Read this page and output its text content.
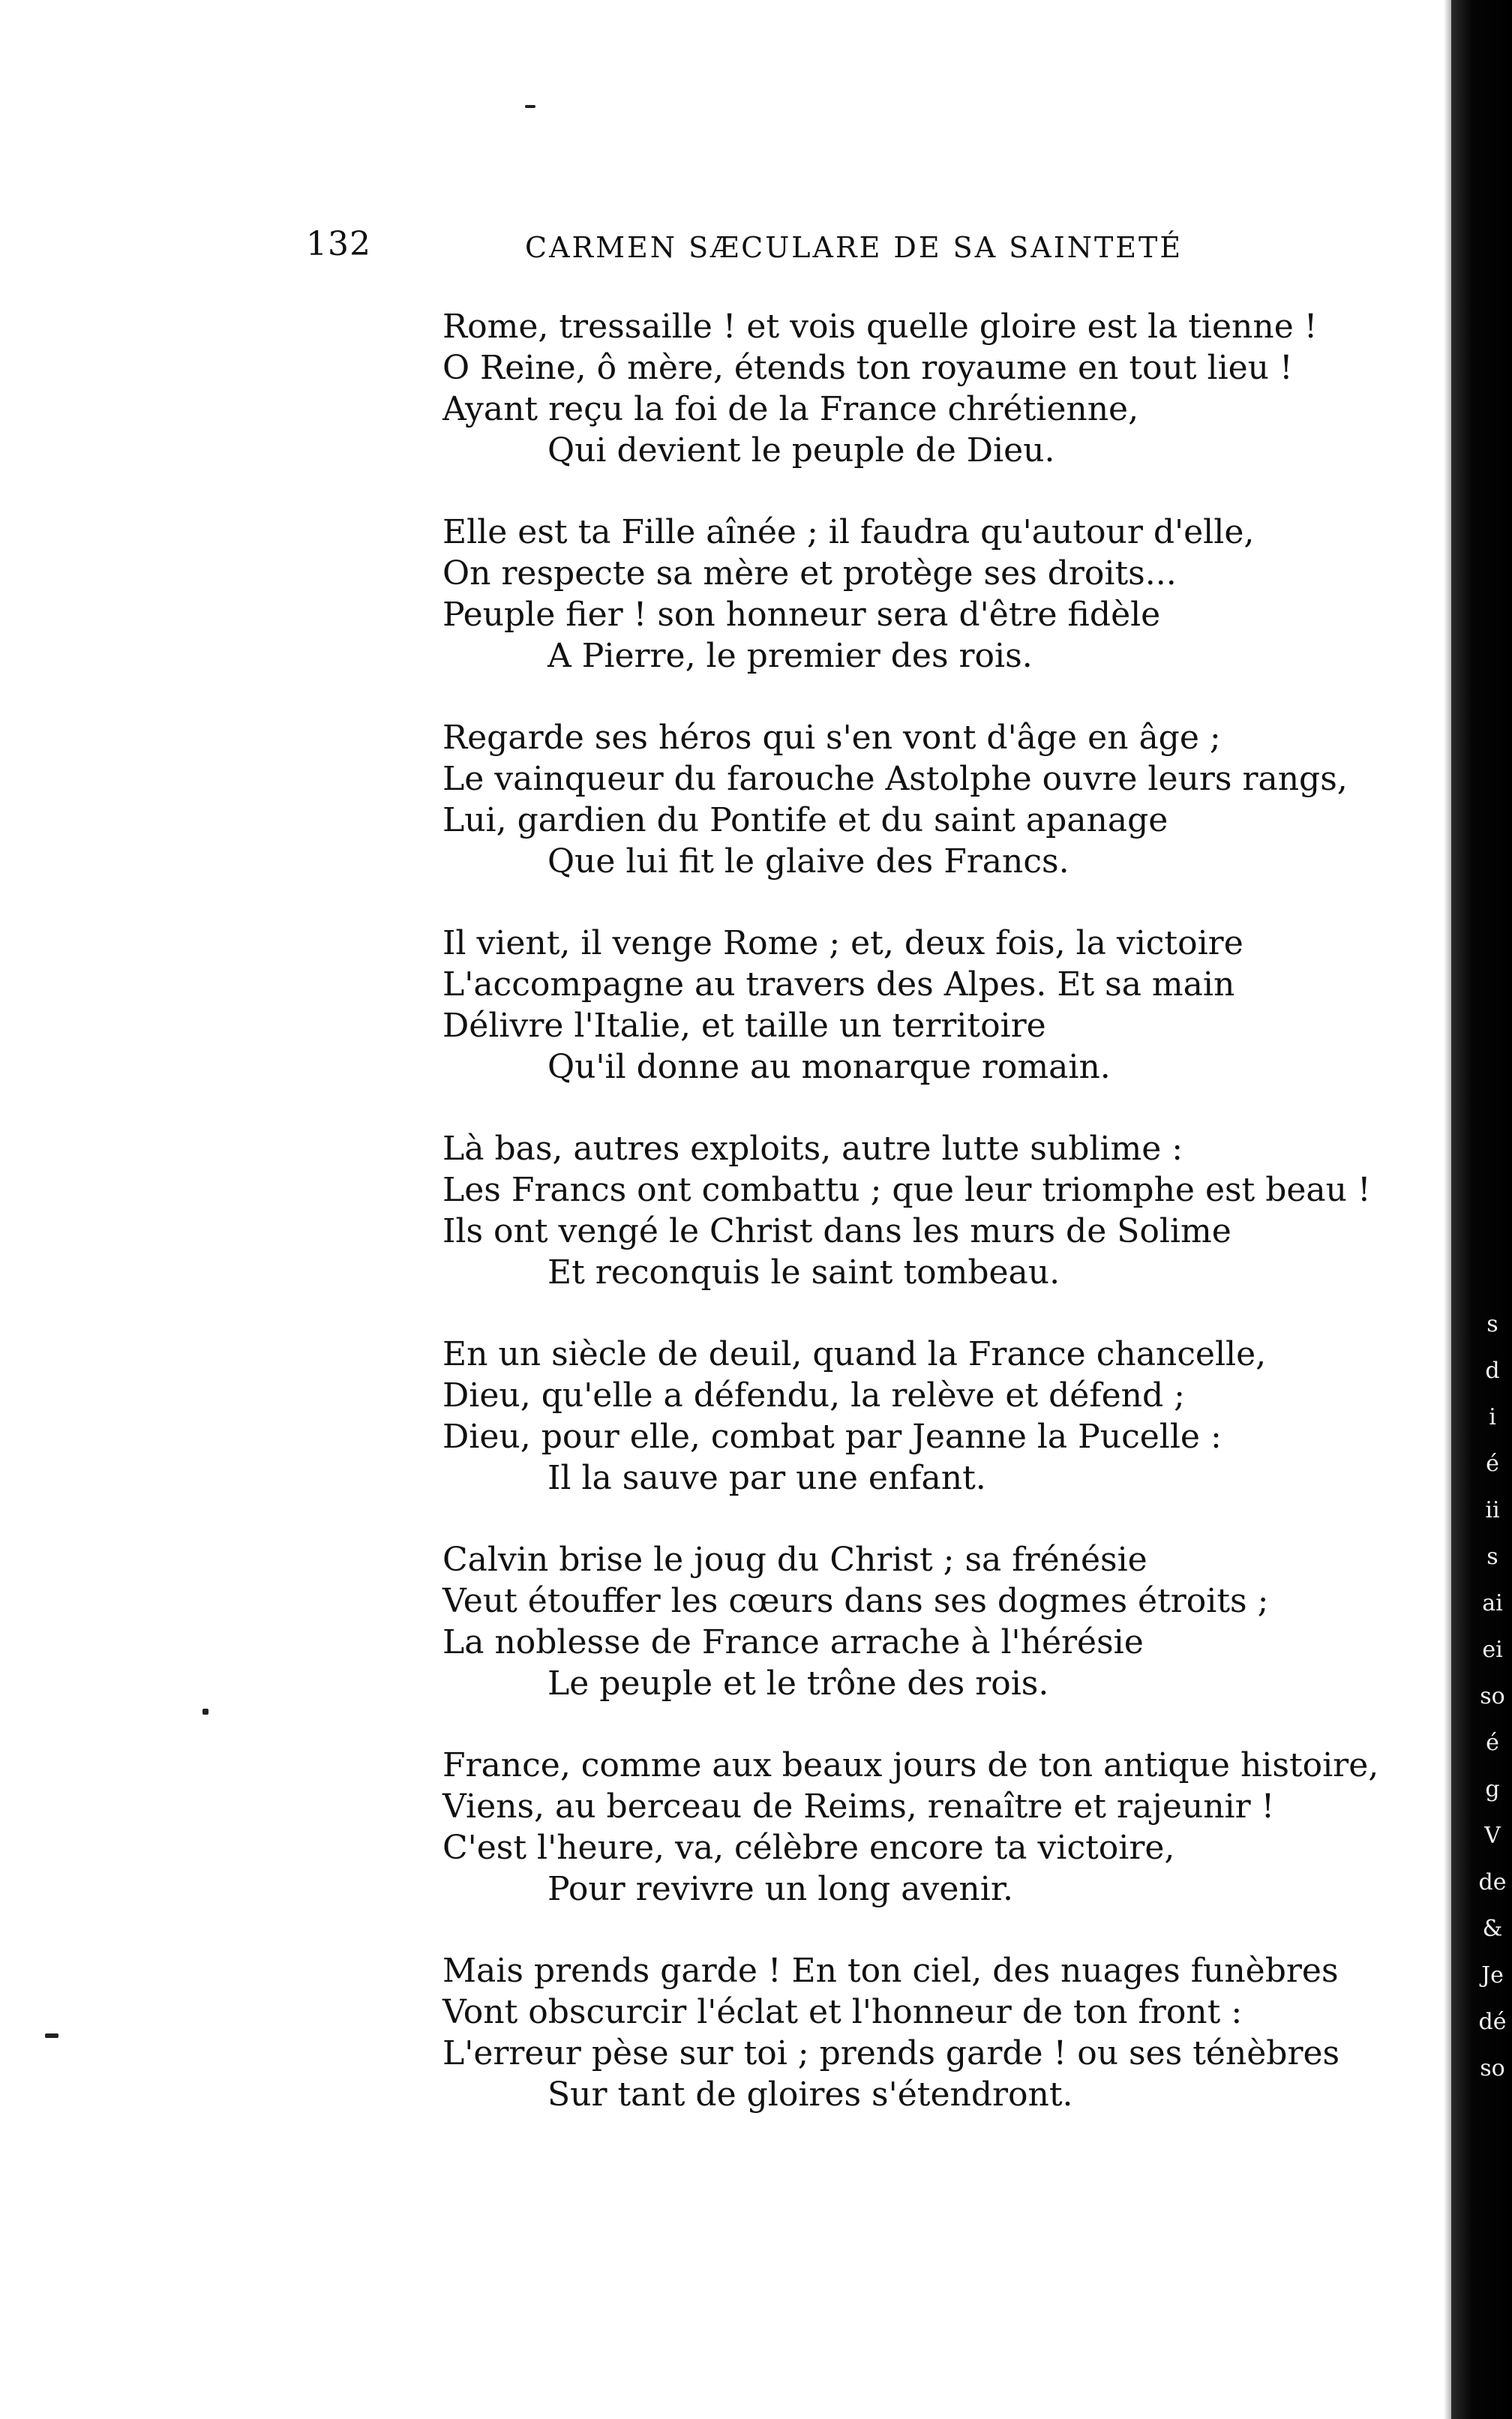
132	CARMEN SÆCULARE DE SA SAINTETÉ
Rome, tressaille ! et vois quelle gloire est la tienne !
O Reine, ô mère, étends ton royaume en tout lieu !
Ayant reçu la foi de la France chrétienne,
Qui devient le peuple de Dieu.
Elle est ta Fille aînée ; il faudra qu'autour d'elle,
On respecte sa mère et protège ses droits...
Peuple fier ! son honneur sera d'être fidèle
A Pierre, le premier des rois.
Regarde ses héros qui s'en vont d'âge en âge ;
Le vainqueur du farouche Astolphe ouvre leurs rangs,
Lui, gardien du Pontife et du saint apanage
Que lui fit le glaive des Francs.
Il vient, il venge Rome ; et, deux fois, la victoire
L'accompagne au travers des Alpes. Et sa main
Délivre l'Italie, et taille un territoire
Qu'il donne au monarque romain.
Là bas, autres exploits, autre lutte sublime :
Les Francs ont combattu ; que leur triomphe est beau !
Ils ont vengé le Christ dans les murs de Solime
Et reconquis le saint tombeau.
En un siècle de deuil, quand la France chancelle,
Dieu, qu'elle a défendu, la relève et défend ;
Dieu, pour elle, combat par Jeanne la Pucelle :
Il la sauve par une enfant.
Calvin brise le joug du Christ ; sa frénésie
Veut étouffer les cœurs dans ses dogmes étroits ;
La noblesse de France arrache à l'hérésie
Le peuple et le trône des rois.
France, comme aux beaux jours de ton antique histoire,
Viens, au berceau de Reims, renaître et rajeunir !
C'est l'heure, va, célèbre encore ta victoire,
Pour revivre un long avenir.
Mais prends garde ! En ton ciel, des nuages funèbres
Vont obscurcir l'éclat et l'honneur de ton front :
L'erreur pèse sur toi ; prends garde ! ou ses ténèbres
Sur tant de gloires s'étendront.
s
d
i
é
ii
s
ai
ei
so
é
g
V
de
&
Je
dé
so
